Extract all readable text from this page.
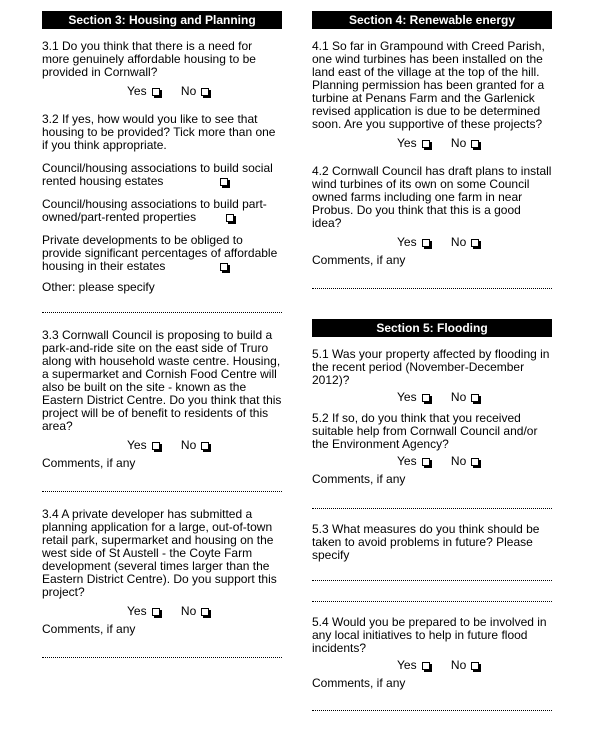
Section 3: Housing and Planning

3.1 Do you think that there is a need for more genuinely affordable housing to be provided in Cornwall?

Yes	No

3.2 If yes, how would you like to see that housing to be provided? Tick more than one if you think appropriate.

Council/housing associations to build social rented housing estates

Council/housing associations to build part-owned/part-rented properties

Private developments to be obliged to provide significant percentages of affordable housing in their estates

Other: please specify

3.3 Cornwall Council is proposing to build a park-and-ride site on the east side of Truro along with household waste centre. Housing, a supermarket and Cornish Food Centre will also be built on the site - known as the Eastern District Centre. Do you think that this project will be of benefit to residents of this area?

Yes	No

Comments, if any

3.4 A private developer has submitted a planning application for a large, out-of-town retail park, supermarket and housing on the west side of St Austell - the Coyte Farm development (several times larger than the Eastern District Centre). Do you support this project?

Yes	No

Comments, if any

Section 4: Renewable energy

4.1 So far in Grampound with Creed Parish, one wind turbines has been installed on the land east of the village at the top of the hill. Planning permission has been granted for a turbine at Penans Farm and the Garlenick revised application is due to be determined soon. Are you supportive of these projects?

Yes	No

4.2 Cornwall Council has draft plans to install wind turbines of its own on some Council owned farms including one farm in near Probus. Do you think that this is a good idea?

Yes	No

Comments, if any

Section 5: Flooding

5.1 Was your property affected by flooding in the recent period (November-December 2012)?

Yes	No

5.2 If so, do you think that you received suitable help from Cornwall Council and/or the Environment Agency?

Yes	No

Comments, if any

5.3 What measures do you think should be taken to avoid problems in future? Please specify

5.4 Would you be prepared to be involved in any local initiatives to help in future flood incidents?

Yes	No

Comments, if any
